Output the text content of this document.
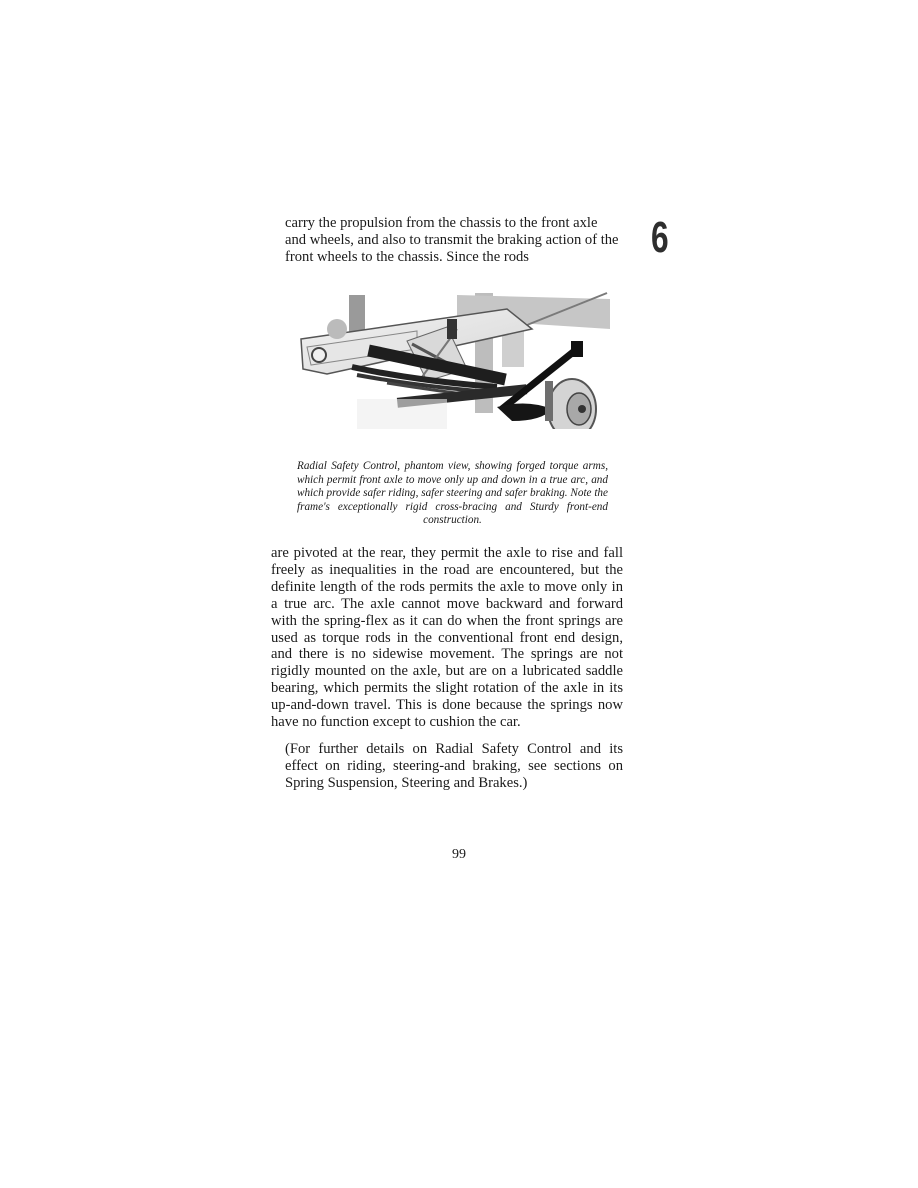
6

carry the propulsion from the chassis to the front axle and wheels, and also to transmit the braking action of the front wheels to the chassis. Since the rods

Radial Safety Control, phantom view, showing forged torque arms, which permit front axle to move only up and down in a true arc, and which provide safer riding, safer steering and safer braking. Note the frame's exceptionally rigid cross-bracing and Sturdy front-end construction.

are pivoted at the rear, they permit the axle to rise and fall freely as inequalities in the road are encountered, but the definite length of the rods permits the axle to move only in a true arc. The axle cannot move backward and forward with the spring-flex as it can do when the front springs are used as torque rods in the conventional front end design, and there is no sidewise movement. The springs are not rigidly mounted on the axle, but are on a lubricated saddle bearing, which permits the slight rotation of the axle in its up-and-down travel. This is done because the springs now have no function except to cushion the car.

(For further details on Radial Safety Control and its effect on riding, steering-and braking, see sections on Spring Suspension, Steering and Brakes.)

99
